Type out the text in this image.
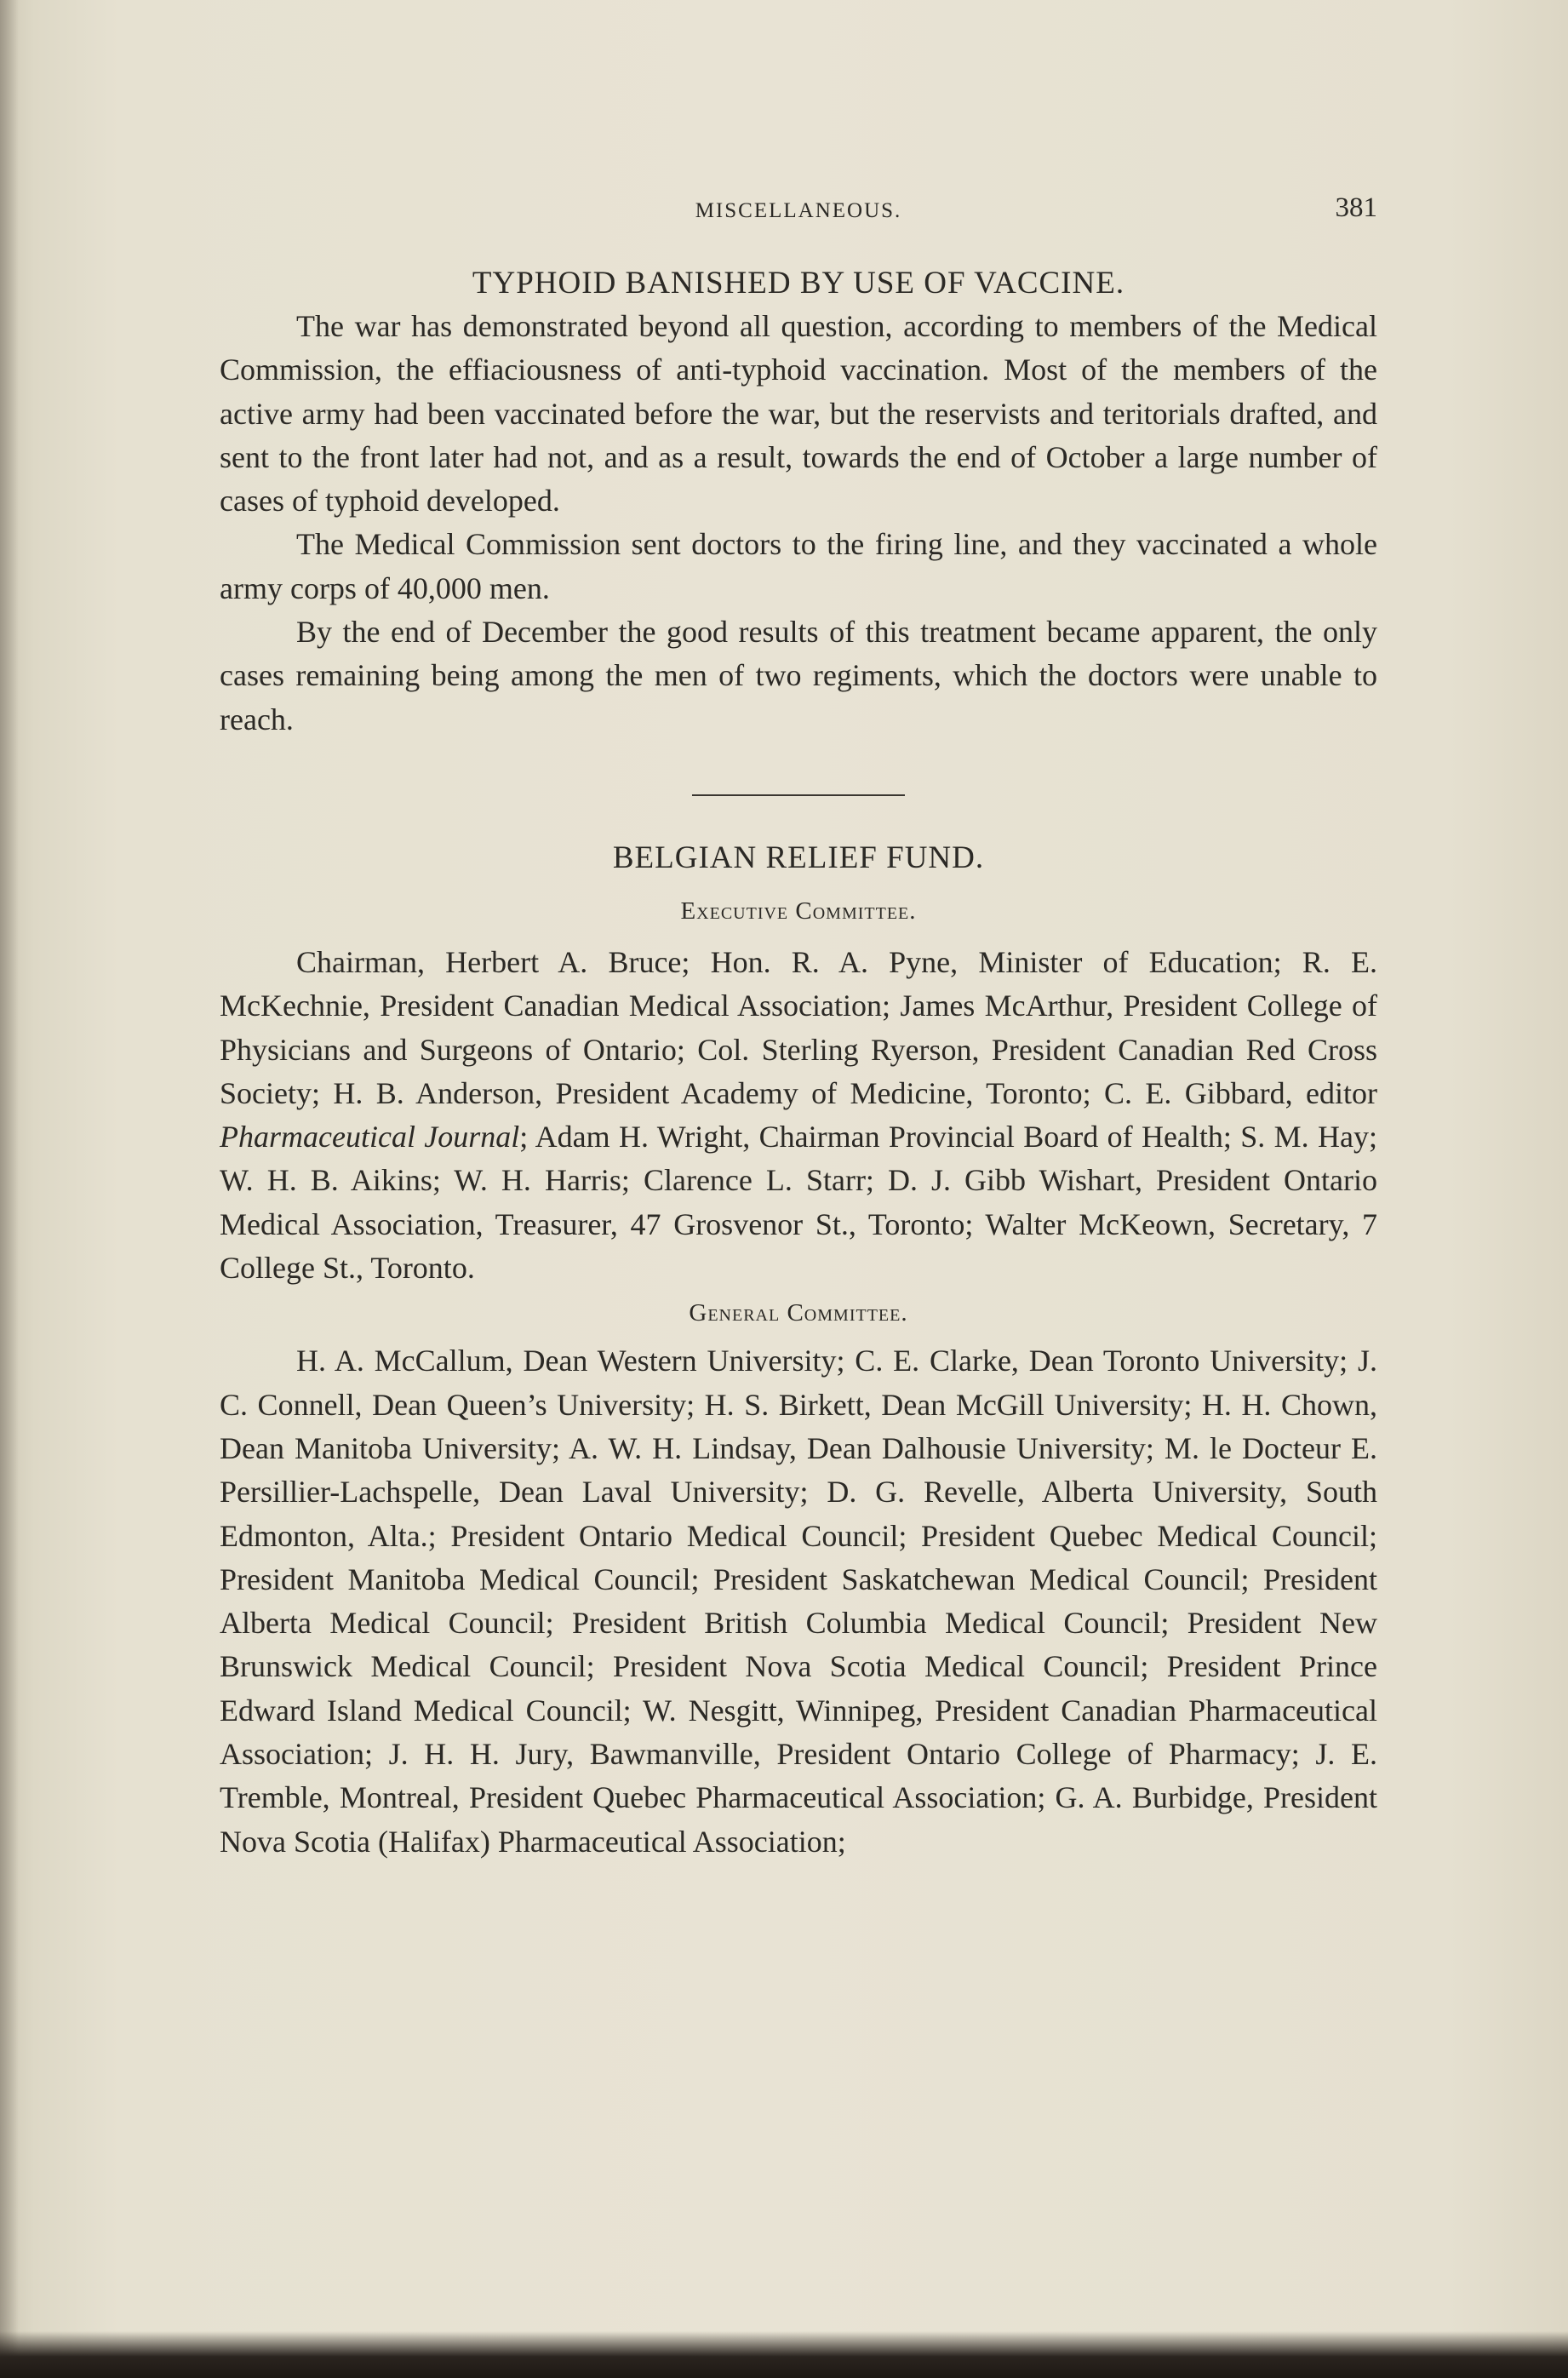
MISCELLANEOUS.	381
TYPHOID BANISHED BY USE OF VACCINE.

The war has demonstrated beyond all question, according to members of the Medical Commission, the effiaciousness of anti-typhoid vaccination. Most of the members of the active army had been vaccinated before the war, but the reservists and teritorials drafted, and sent to the front later had not, and as a result, towards the end of October a large number of cases of typhoid developed.

The Medical Commission sent doctors to the firing line, and they vaccinated a whole army corps of 40,000 men.

By the end of December the good results of this treatment became apparent, the only cases remaining being among the men of two regiments, which the doctors were unable to reach.

BELGIAN RELIEF FUND.
Executive Committee.

Chairman, Herbert A. Bruce; Hon. R. A. Pyne, Minister of Education; R. E. McKechnie, President Canadian Medical Association; James McArthur, President College of Physicians and Surgeons of Ontario; Col. Sterling Ryerson, President Canadian Red Cross Society; H. B. Anderson, President Academy of Medicine, Toronto; C. E. Gibbard, editor Pharmaceutical Journal; Adam H. Wright, Chairman Provincial Board of Health; S. M. Hay; W. H. B. Aikins; W. H. Harris; Clarence L. Starr; D. J. Gibb Wishart, President Ontario Medical Association, Treasurer, 47 Grosvenor St., Toronto; Walter McKeown, Secretary, 7 College St., Toronto.

General Committee.

H. A. McCallum, Dean Western University; C. E. Clarke, Dean Toronto University; J. C. Connell, Dean Queen’s University; H. S. Birkett, Dean McGill University; H. H. Chown, Dean Manitoba University; A. W. H. Lindsay, Dean Dalhousie University; M. le Docteur E. Persillier-Lachspelle, Dean Laval University; D. G. Revelle, Alberta University, South Edmonton, Alta.; President Ontario Medical Council; President Quebec Medical Council; President Manitoba Medical Council; President Saskatchewan Medical Council; President Alberta Medical Council; President British Columbia Medical Council; President New Brunswick Medical Council; President Nova Scotia Medical Council; President Prince Edward Island Medical Council; W. Nesgitt, Winnipeg, President Canadian Pharmaceutical Association; J. H. H. Jury, Bawmanville, President Ontario College of Pharmacy; J. E. Tremble, Montreal, President Quebec Pharmaceutical Association; G. A. Burbidge, President Nova Scotia (Halifax) Pharmaceutical Association;
